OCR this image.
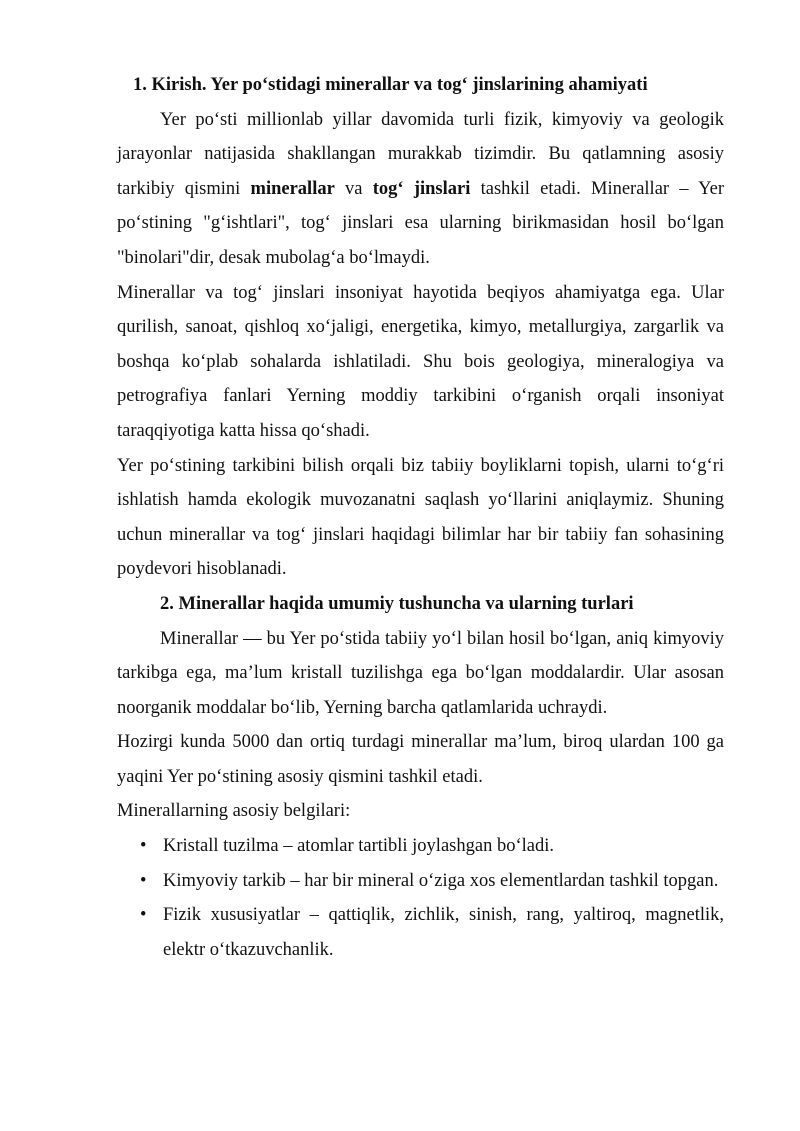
1. Kirish. Yer po‘stidagi minerallar va tog‘ jinslarining ahamiyati

Yer po‘sti millionlab yillar davomida turli fizik, kimyoviy va geologik jarayonlar natijasida shakllangan murakkab tizimdir. Bu qatlamning asosiy tarkibiy qismini minerallar va tog‘ jinslari tashkil etadi. Minerallar – Yer po‘stining "g‘ishtlari", tog‘ jinslari esa ularning birikmasidan hosil bo‘lgan "binolari"dir, desak mubolag‘a bo‘lmaydi.

Minerallar va tog‘ jinslari insoniyat hayotida beqiyos ahamiyatga ega. Ular qurilish, sanoat, qishloq xo‘jaligi, energetika, kimyo, metallurgiya, zargarlik va boshqa ko‘plab sohalarda ishlatiladi. Shu bois geologiya, mineralogiya va petrografiya fanlari Yerning moddiy tarkibini o‘rganish orqali insoniyat taraqqiyotiga katta hissa qo‘shadi.

Yer po‘stining tarkibini bilish orqali biz tabiiy boyliklarni topish, ularni to‘g‘ri ishlatish hamda ekologik muvozanatni saqlash yo‘llarini aniqlaymiz. Shuning uchun minerallar va tog‘ jinslari haqidagi bilimlar har bir tabiiy fan sohasining poydevori hisoblanadi.

2. Minerallar haqida umumiy tushuncha va ularning turlari

Minerallar — bu Yer po‘stida tabiiy yo‘l bilan hosil bo‘lgan, aniq kimyoviy tarkibga ega, ma’lum kristall tuzilishga ega bo‘lgan moddalardir. Ular asosan noorganik moddalar bo‘lib, Yerning barcha qatlamlarida uchraydi.

Hozirgi kunda 5000 dan ortiq turdagi minerallar ma’lum, biroq ulardan 100 ga yaqini Yer po‘stining asosiy qismini tashkil etadi.

Minerallarning asosiy belgilari:

• Kristall tuzilma – atomlar tartibli joylashgan bo‘ladi.
• Kimyoviy tarkib – har bir mineral o‘ziga xos elementlardan tashkil topgan.
• Fizik xususiyatlar – qattiqlik, zichlik, sinish, rang, yaltiroq, magnetlik, elektr o‘tkazuvchanlik.
